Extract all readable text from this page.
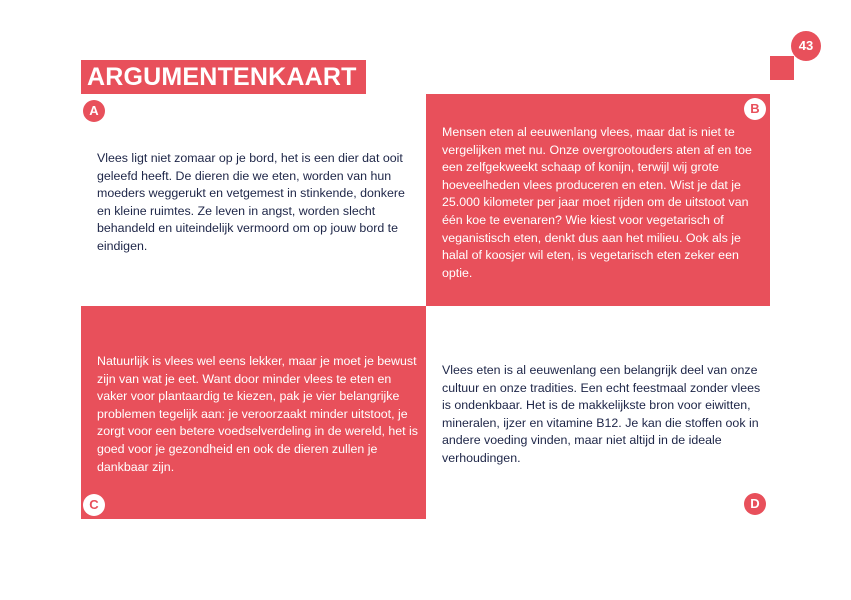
ARGUMENTENKAART
43
A

Vlees ligt niet zomaar op je bord, het is een dier dat ooit geleefd heeft. De dieren die we eten, worden van hun moeders weggerukt en vetgemest in stinkende, donkere en kleine ruimtes. Ze leven in angst, worden slecht behandeld en uiteindelijk vermoord om op jouw bord te eindigen.

B

Mensen eten al eeuwenlang vlees, maar dat is niet te vergelijken met nu. Onze overgrootouders aten af en toe een zelfgekweekt schaap of konijn, terwijl wij grote hoeveelheden vlees produceren en eten. Wist je dat je 25.000 kilometer per jaar moet rijden om de uitstoot van één koe te evenaren? Wie kiest voor vegetarisch of veganistisch eten, denkt dus aan het milieu. Ook als je halal of koosjer wil eten, is vegetarisch eten zeker een optie.

C

Natuurlijk is vlees wel eens lekker, maar je moet je bewust zijn van wat je eet. Want door minder vlees te eten en vaker voor plantaardig te kiezen, pak je vier belangrijke problemen tegelijk aan: je veroorzaakt minder uitstoot, je zorgt voor een betere voedselverdeling in de wereld, het is goed voor je gezondheid en ook de dieren zullen je dankbaar zijn.

D

Vlees eten is al eeuwenlang een belangrijk deel van onze cultuur en onze tradities. Een echt feestmaal zonder vlees is ondenkbaar. Het is de makkelijkste bron voor eiwitten, mineralen, ijzer en vitamine B12. Je kan die stoffen ook in andere voeding vinden, maar niet altijd in de ideale verhoudingen.
